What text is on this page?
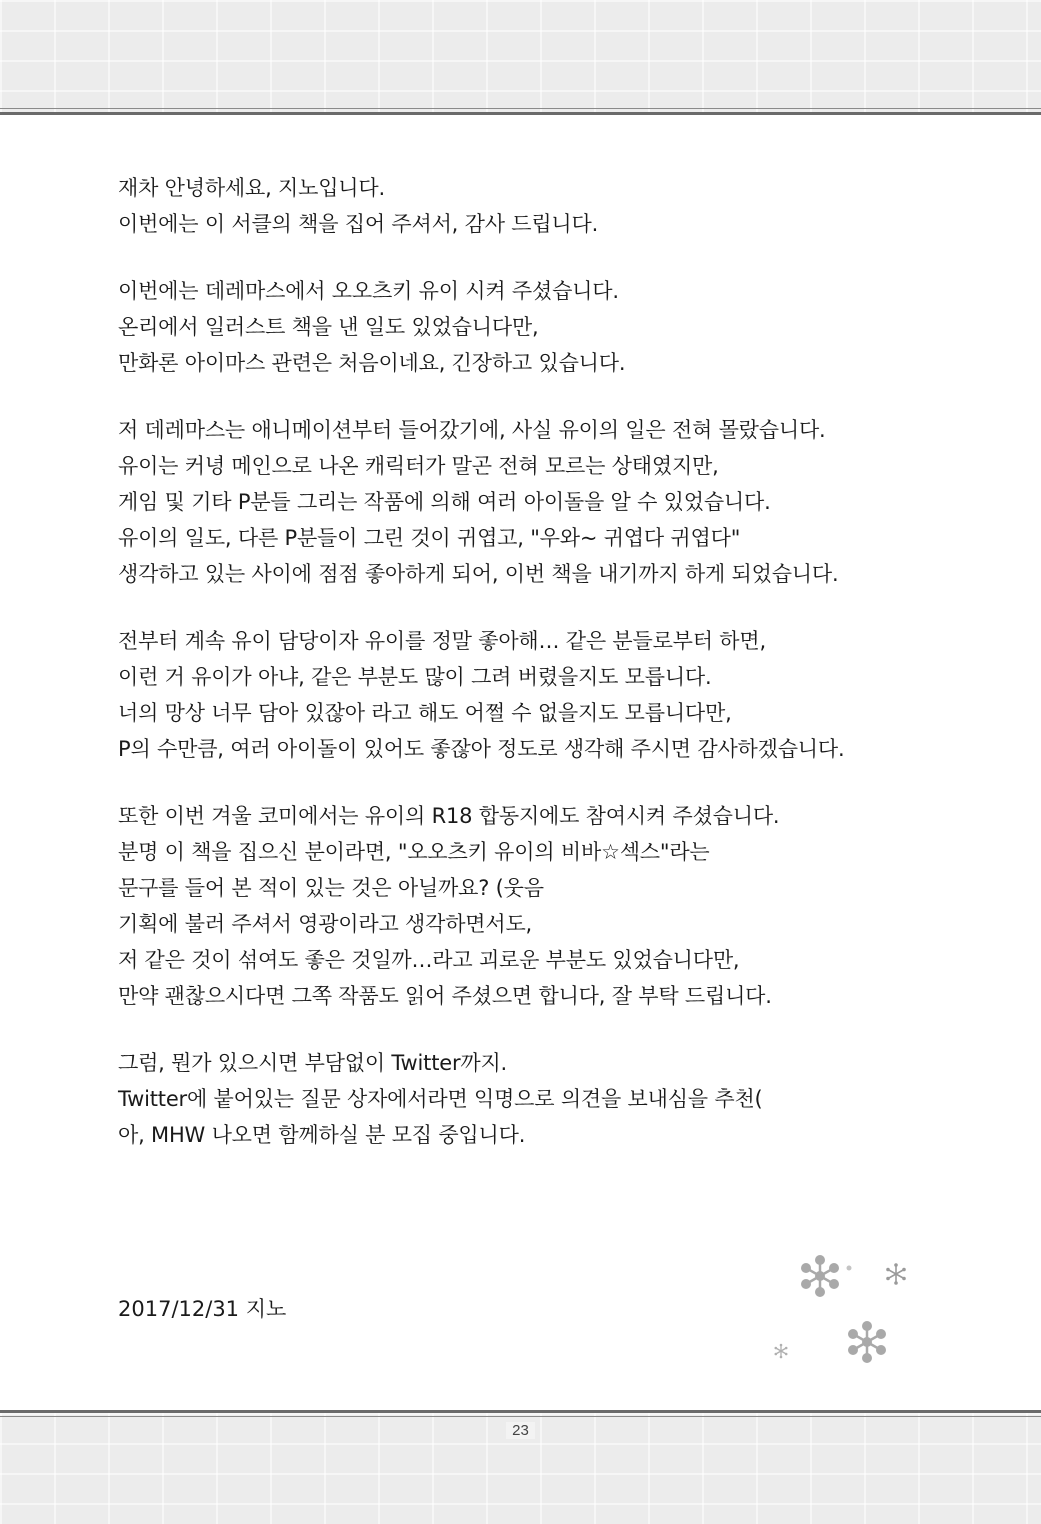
재차 안녕하세요, 지노입니다.
이번에는 이 서클의 책을 집어 주셔서, 감사 드립니다.
이번에는 데레마스에서 오오츠키 유이 시켜 주셨습니다.
온리에서 일러스트 책을 낸 일도 있었습니다만,
만화론 아이마스 관련은 처음이네요, 긴장하고 있습니다.
저 데레마스는 애니메이션부터 들어갔기에, 사실 유이의 일은 전혀 몰랐습니다.
유이는 커녕 메인으로 나온 캐릭터가 말곤 전혀 모르는 상태였지만,
게임 및 기타 P분들 그리는 작품에 의해 여러 아이돌을 알 수 있었습니다.
유이의 일도, 다른 P분들이 그린 것이 귀엽고, "우와~ 귀엽다 귀엽다"
생각하고 있는 사이에 점점 좋아하게 되어, 이번 책을 내기까지 하게 되었습니다.
전부터 계속 유이 담당이자 유이를 정말 좋아해… 같은 분들로부터 하면,
이런 거 유이가 아냐, 같은 부분도 많이 그려 버렸을지도 모릅니다.
너의 망상 너무 담아 있잖아 라고 해도 어쩔 수 없을지도 모릅니다만,
P의 수만큼, 여러 아이돌이 있어도 좋잖아 정도로 생각해 주시면 감사하겠습니다.
또한 이번 겨울 코미에서는 유이의 R18 합동지에도 참여시켜 주셨습니다.
분명 이 책을 집으신 분이라면, "오오츠키 유이의 비바☆섹스"라는
문구를 들어 본 적이 있는 것은 아닐까요? (웃음
기획에 불러 주셔서 영광이라고 생각하면서도,
저 같은 것이 섞여도 좋은 것일까…라고 괴로운 부분도 있었습니다만,
만약 괜찮으시다면 그쪽 작품도 읽어 주셨으면 합니다, 잘 부탁 드립니다.
그럼, 뭔가 있으시면 부담없이 Twitter까지.
Twitter에 붙어있는 질문 상자에서라면 익명으로 의견을 보내심을 추천(
아, MHW 나오면 함께하실 분 모집 중입니다.
2017/12/31 지노
23
